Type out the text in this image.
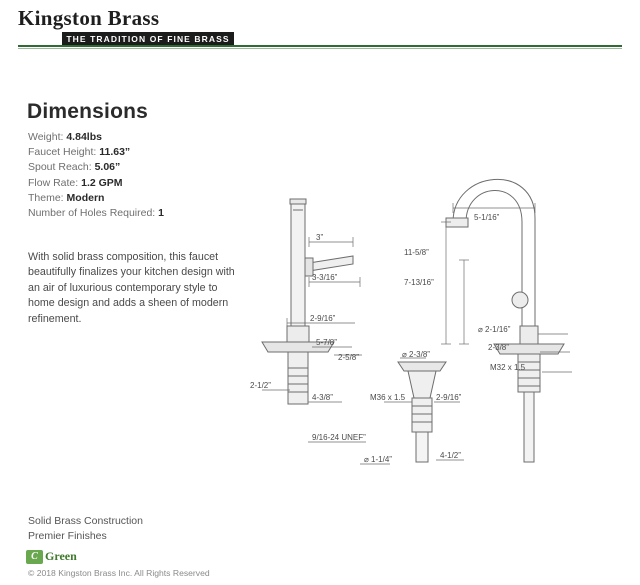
Kingston Brass
THE TRADITION OF FINE BRASS
Dimensions
Weight: 4.84lbs
Faucet Height: 11.63”
Spout Reach: 5.06”
Flow Rate: 1.2 GPM
Theme: Modern
Number of Holes Required: 1
With solid brass composition, this faucet beautifully finalizes your kitchen design with an air of luxurious contemporary style to home design and adds a sheen of modern refinement.
3”
3-3/16”
2-9/16”
5-7/8”
2-5/8”
2-1/2”
4-3/8”
9/16-24 UNEF”
⌀ 1-1/4”
11-5/8”
7-13/16”
5-1/16”
⌀ 2-1/16”
2-3/8”
M32 x 1.5
⌀ 2-3/8”
M36 x 1.5	2-9/16”
4-1/2”
Solid Brass Construction
Premier Finishes
C Green
© 2018 Kingston Brass Inc. All Rights Reserved
